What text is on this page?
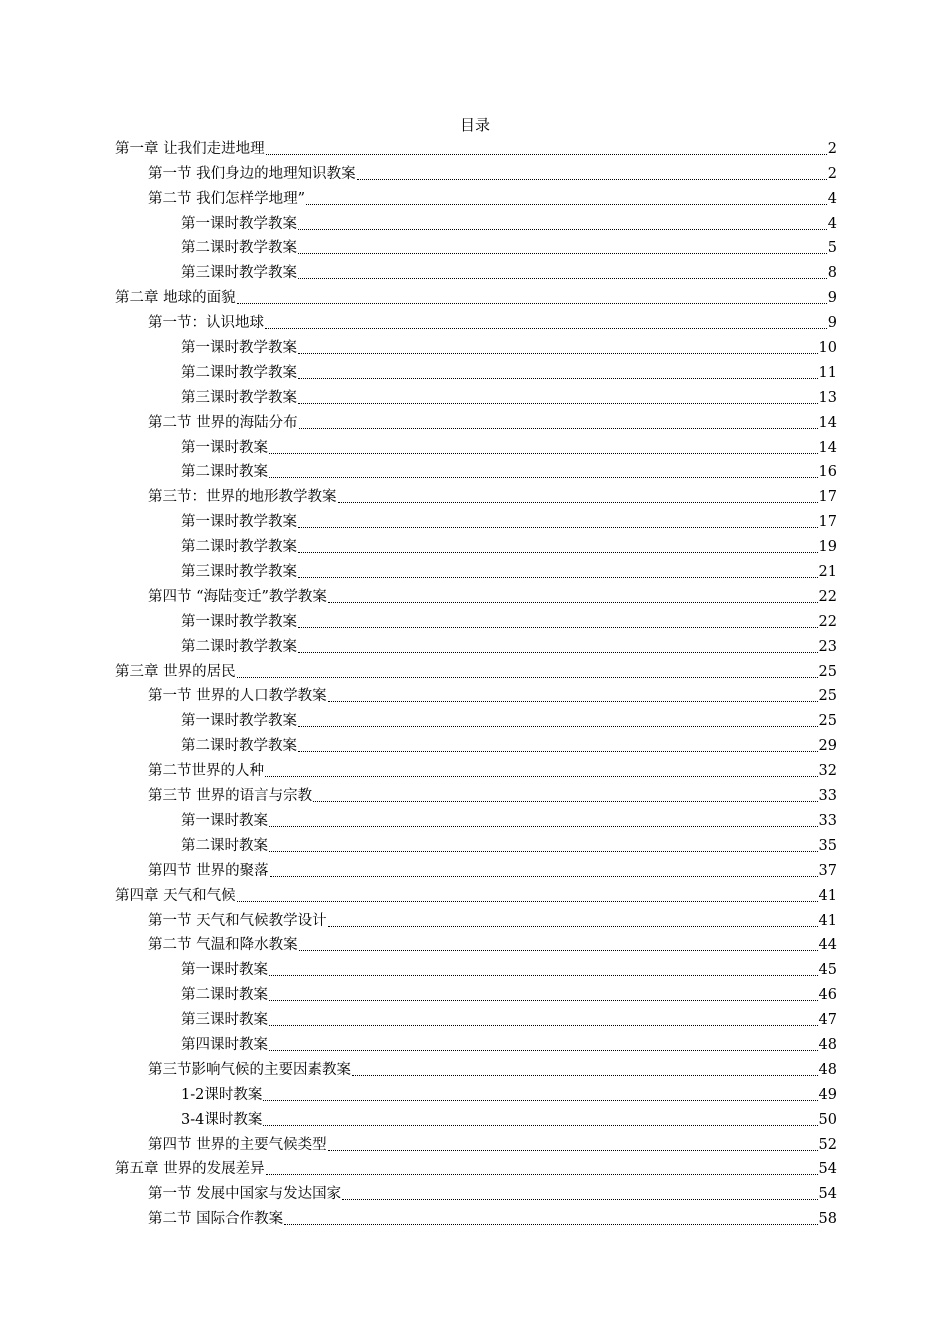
目录
第一章 让我们走进地理	2
第一节 我们身边的地理知识教案	2
第二节 我们怎样学地理”	4
第一课时教学教案	4
第二课时教学教案	5
第三课时教学教案	8
第二章 地球的面貌	9
第一节：认识地球	9
第一课时教学教案	10
第二课时教学教案	11
第三课时教学教案	13
第二节 世界的海陆分布	14
第一课时教案	14
第二课时教案	16
第三节：世界的地形教学教案	17
第一课时教学教案	17
第二课时教学教案	19
第三课时教学教案	21
第四节 “海陆变迁”教学教案	22
第一课时教学教案	22
第二课时教学教案	23
第三章 世界的居民	25
第一节 世界的人口教学教案	25
第一课时教学教案	25
第二课时教学教案	29
第二节世界的人种	32
第三节 世界的语言与宗教	33
第一课时教案	33
第二课时教案	35
第四节 世界的聚落	37
第四章 天气和气候	41
第一节 天气和气候教学设计	41
第二节 气温和降水教案	44
第一课时教案	45
第二课时教案	46
第三课时教案	47
第四课时教案	48
第三节影响气候的主要因素教案	48
1-2课时教案	49
3-4课时教案	50
第四节 世界的主要气候类型	52
第五章 世界的发展差异	54
第一节 发展中国家与发达国家	54
第二节 国际合作教案	58
